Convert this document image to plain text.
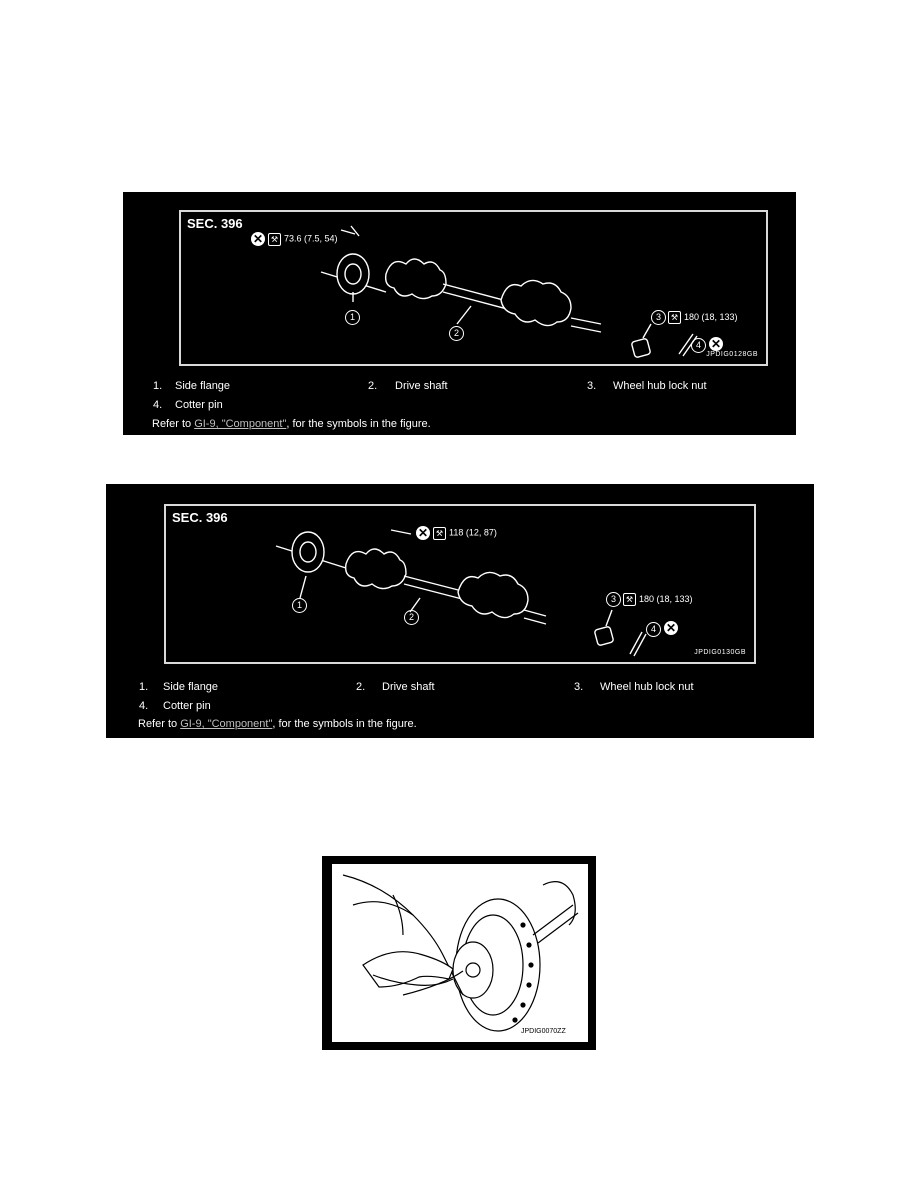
SEC. 396
✕ ⚒ 73.6 (7.5, 54)
1
2
3	⚒ 180 (18, 133)
4 ✕
JPDIG0128GB
1. Side flange	2. Drive shaft	3. Wheel hub lock nut
4. Cotter pin
Refer to GI-9, "Component", for the symbols in the figure.
SEC. 396
✕ ⚒ 118 (12, 87)
1
2
3	⚒ 180 (18, 133)
4 ✕
JPDIG0130GB
1. Side flange	2. Drive shaft	3. Wheel hub lock nut
4. Cotter pin
Refer to GI-9, "Component", for the symbols in the figure.
JPDIG0070ZZ
